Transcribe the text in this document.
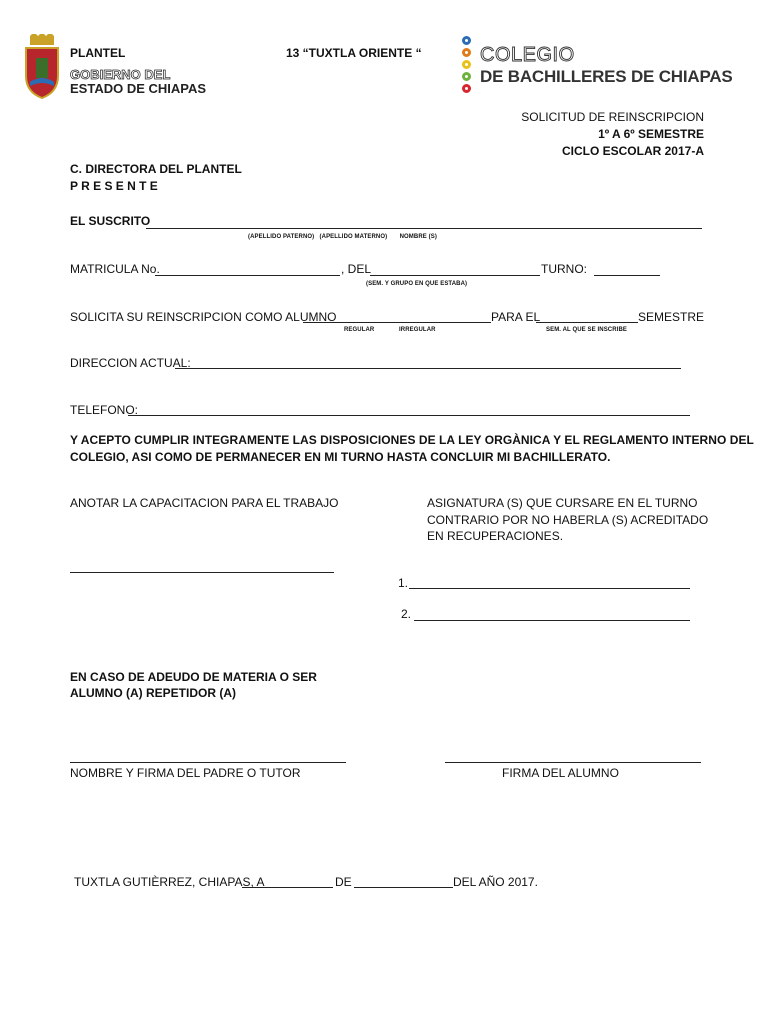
PLANTEL	13 “TUXTLA ORIENTE “
GOBIERNO DEL
ESTADO DE CHIAPAS
COLEGIO
DE BACHILLERES DE CHIAPAS
SOLICITUD DE REINSCRIPCION
1º A 6º SEMESTRE
CICLO ESCOLAR 2017-A
C. DIRECTORA DEL PLANTEL
P R E S E N T E
EL SUSCRITO
(APELLIDO PATERNO)   (APELLIDO MATERNO)       NOMBRE (S)
MATRICULA No.	, DEL	TURNO:
(SEM. Y GRUPO EN QUE ESTABA)
SOLICITA SU REINSCRIPCION COMO ALUMNO	PARA EL	SEMESTRE
REGULAR	IRREGULAR	SEM. AL QUE SE INSCRIBE
DIRECCION ACTUAL:
TELEFONO:
Y ACEPTO CUMPLIR INTEGRAMENTE LAS DISPOSICIONES DE LA LEY ORGÀNICA Y EL REGLAMENTO INTERNO DEL
COLEGIO, ASI COMO DE PERMANECER EN MI TURNO HASTA CONCLUIR MI BACHILLERATO.
ANOTAR LA CAPACITACION PARA EL TRABAJO	ASIGNATURA (S) QUE CURSARE EN EL TURNO
CONTRARIO POR NO HABERLA (S) ACREDITADO
EN RECUPERACIONES.
1.
2.
EN CASO DE ADEUDO DE MATERIA O SER
ALUMNO (A) REPETIDOR (A)
NOMBRE Y FIRMA DEL PADRE O TUTOR	FIRMA DEL ALUMNO
TUXTLA GUTIÈRREZ, CHIAPAS, A	DE	DEL AÑO 2017.
